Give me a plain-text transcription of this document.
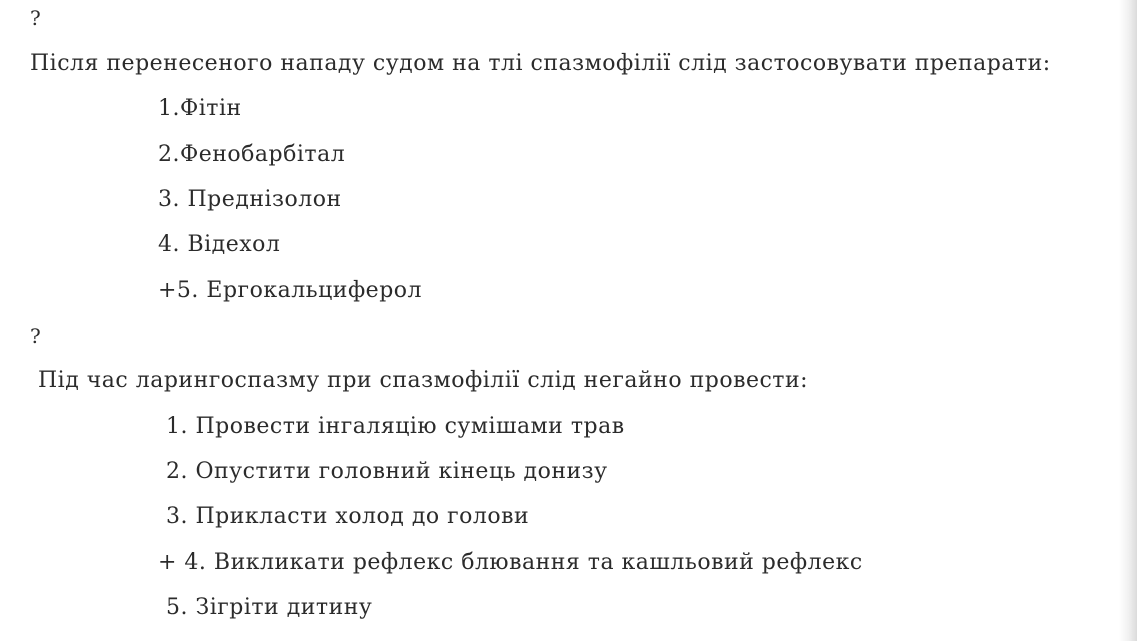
?
Після перенесеного нападу судом на тлі спазмофілії слід застосовувати препарати:
1.Фітін
2.Фенобарбітал
3. Преднізолон
4. Відехол
+5. Ергокальциферол
?
Під час ларингоспазму при спазмофілії слід негайно провести:
1. Провести інгаляцію сумішами трав
2. Опустити головний кінець донизу
3. Прикласти холод до голови
+ 4. Викликати рефлекс блювання та кашльовий рефлекс
5. Зігріти дитину
